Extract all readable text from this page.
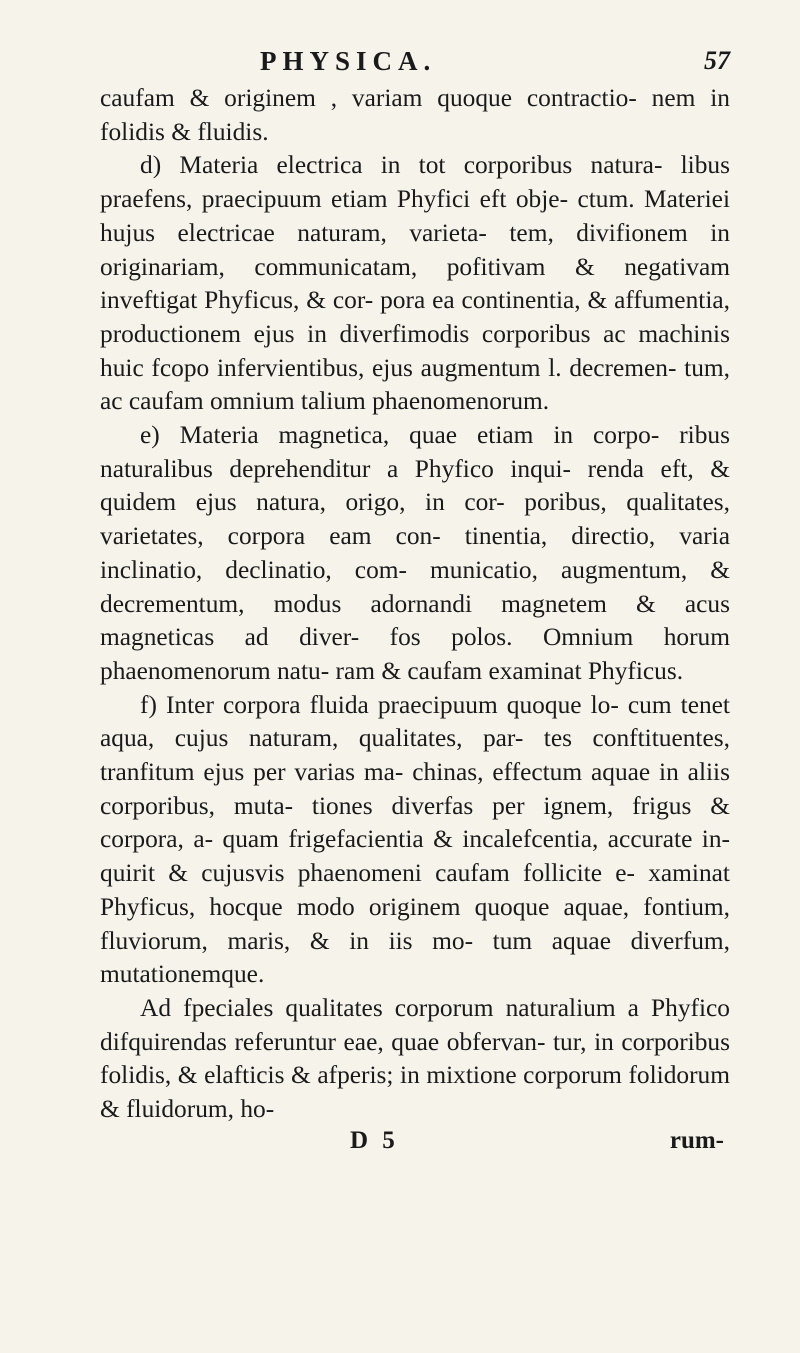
PHYSICA.	57

caufam & originem , variam quoque contractio- nem in folidis & fluidis.

d) Materia electrica in tot corporibus natura- libus praefens, praecipuum etiam Phyfici eft obje- ctum. Materiei hujus electricae naturam, varieta- tem, divifionem in originariam, communicatam, pofitivam & negativam inveftigat Phyficus, & cor- pora ea continentia, & affumentia, productionem ejus in diverfimodis corporibus ac machinis huic fcopo infervientibus, ejus augmentum l. decremen- tum, ac caufam omnium talium phaenomenorum.

e) Materia magnetica, quae etiam in corpo- ribus naturalibus deprehenditur a Phyfico inqui- renda eft, & quidem ejus natura, origo, in cor- poribus, qualitates, varietates, corpora eam con- tinentia, directio, varia inclinatio, declinatio, com- municatio, augmentum, & decrementum, modus adornandi magnetem & acus magneticas ad diver- fos polos. Omnium horum phaenomenorum natu- ram & caufam examinat Phyficus.

f) Inter corpora fluida praecipuum quoque lo- cum tenet aqua, cujus naturam, qualitates, par- tes conftituentes, tranfitum ejus per varias ma- chinas, effectum aquae in aliis corporibus, muta- tiones diverfas per ignem, frigus & corpora, a- quam frigefacientia & incalefcentia, accurate in- quirit & cujusvis phaenomeni caufam follicite e- xaminat Phyficus, hocque modo originem quoque aquae, fontium, fluviorum, maris, & in iis mo- tum aquae diverfum, mutationemque.

Ad fpeciales qualitates corporum naturalium a Phyfico difquirendas referuntur eae, quae obfervan- tur, in corporibus folidis, & elafticis & afperis; in mixtione corporum folidorum & fluidorum, ho-

D 5	rum-
